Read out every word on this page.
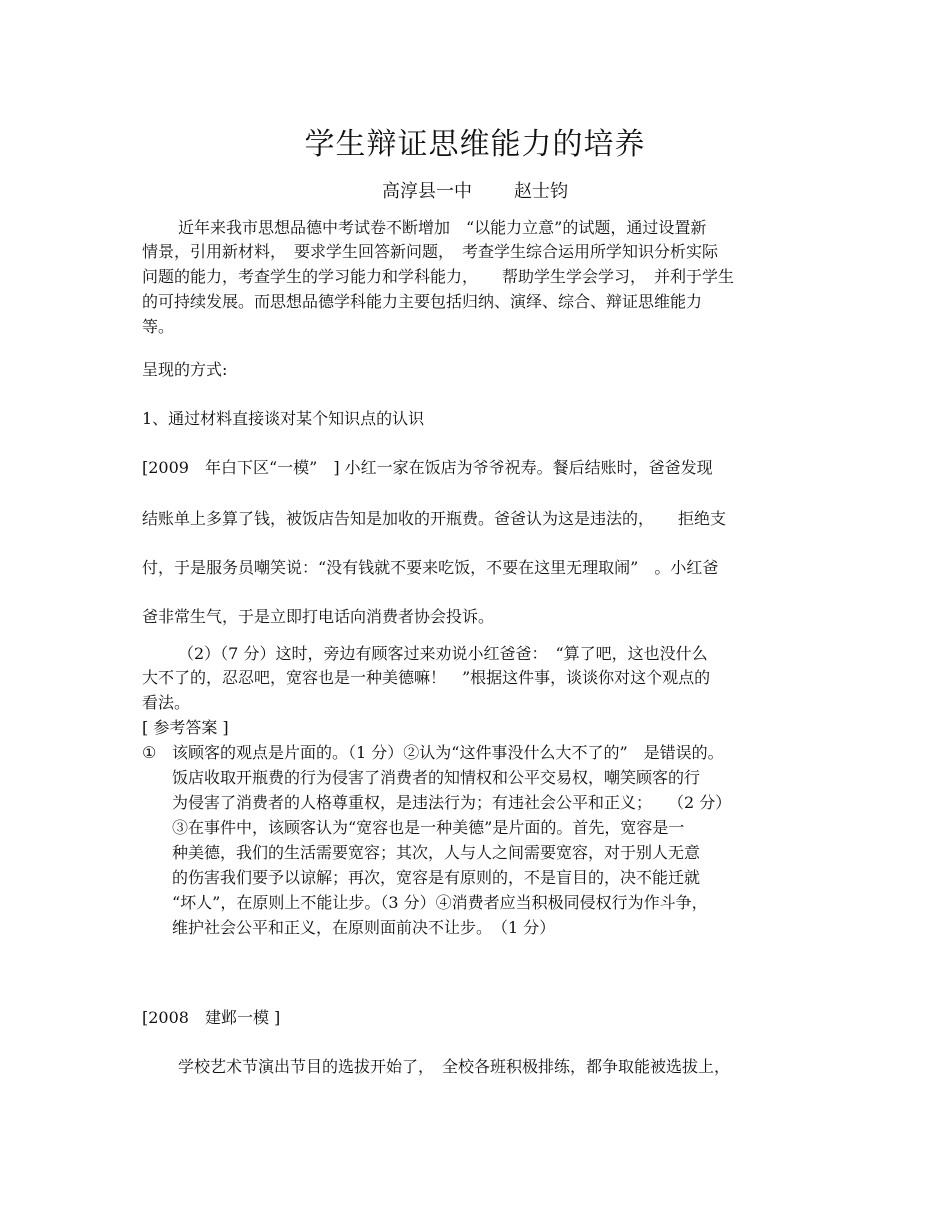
学生辩证思维能力的培养
高淳县一中 赵士钧
近年来我市思想品德中考试卷不断增加　“以能力立意”的试题，通过设置新
情景，引用新材料，　要求学生回答新问题，　考查学生综合运用所学知识分析实际
问题的能力，考查学生的学习能力和学科能力，　　帮助学生学会学习，　并利于学生
的可持续发展。而思想品德学科能力主要包括归纳、演绎、综合、辩证思维能力
等。
呈现的方式:
1、通过材料直接谈对某个知识点的认识
[2009　年白下区“一模”　] 小红一家在饭店为爷爷祝寿。餐后结账时，爸爸发现
结账单上多算了钱，被饭店告知是加收的开瓶费。爸爸认为这是违法的，　　拒绝支
付，于是服务员嘲笑说：“没有钱就不要来吃饭，不要在这里无理取闹”　。小红爸
爸非常生气，于是立即打电话向消费者协会投诉。
（2）（7 分）这时，旁边有顾客过来劝说小红爸爸：　“算了吧，这也没什么
大不了的，忍忍吧，宽容也是一种美德嘛！　”根据这件事，谈谈你对这个观点的
看法。
[ 参考答案 ]
① 该顾客的观点是片面的。（1 分）②认为“这件事没什么大不了的”　是错误的。
饭店收取开瓶费的行为侵害了消费者的知情权和公平交易权，嘲笑顾客的行
为侵害了消费者的人格尊重权，是违法行为；有违社会公平和正义；　　（2 分）
③在事件中，该顾客认为“宽容也是一种美德”是片面的。首先，宽容是一
种美德，我们的生活需要宽容；其次，人与人之间需要宽容，对于别人无意
的伤害我们要予以谅解；再次，宽容是有原则的，不是盲目的，决不能迁就
“坏人”，在原则上不能让步。（3 分）④消费者应当积极同侵权行为作斗争，
维护社会公平和正义，在原则面前决不让步。　（1 分）
[2008　建邺一模 ]
学校艺术节演出节目的选拔开始了，　全校各班积极排练，都争取能被选拔上，
